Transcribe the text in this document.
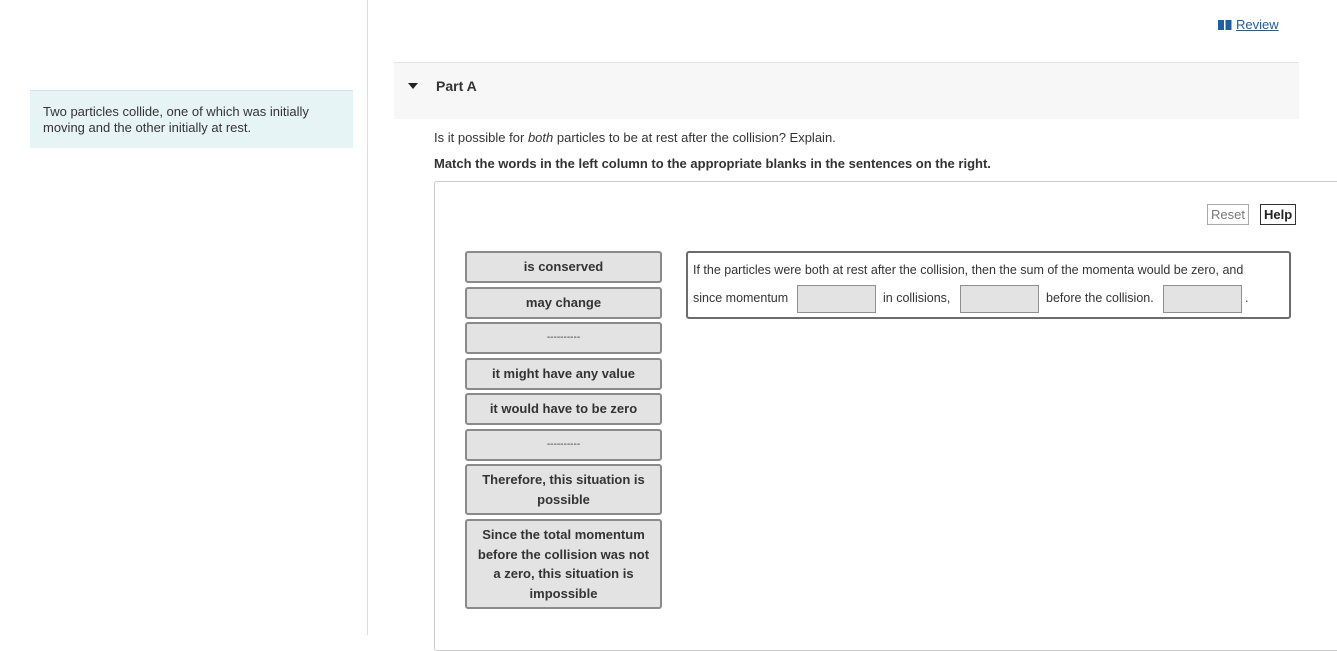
Two particles collide, one of which was initially moving and the other initially at rest.
Review
Part A
Is it possible for both particles to be at rest after the collision? Explain.
Match the words in the left column to the appropriate blanks in the sentences on the right.
Reset	Help
is conserved
may change
----------
it might have any value
it would have to be zero
----------
Therefore, this situation is possible
Since the total momentum before the collision was not a zero, this situation is impossible
If the particles were both at rest after the collision, then the sum of the momenta would be zero, and
since momentum	in collisions,	before the collision.	.
